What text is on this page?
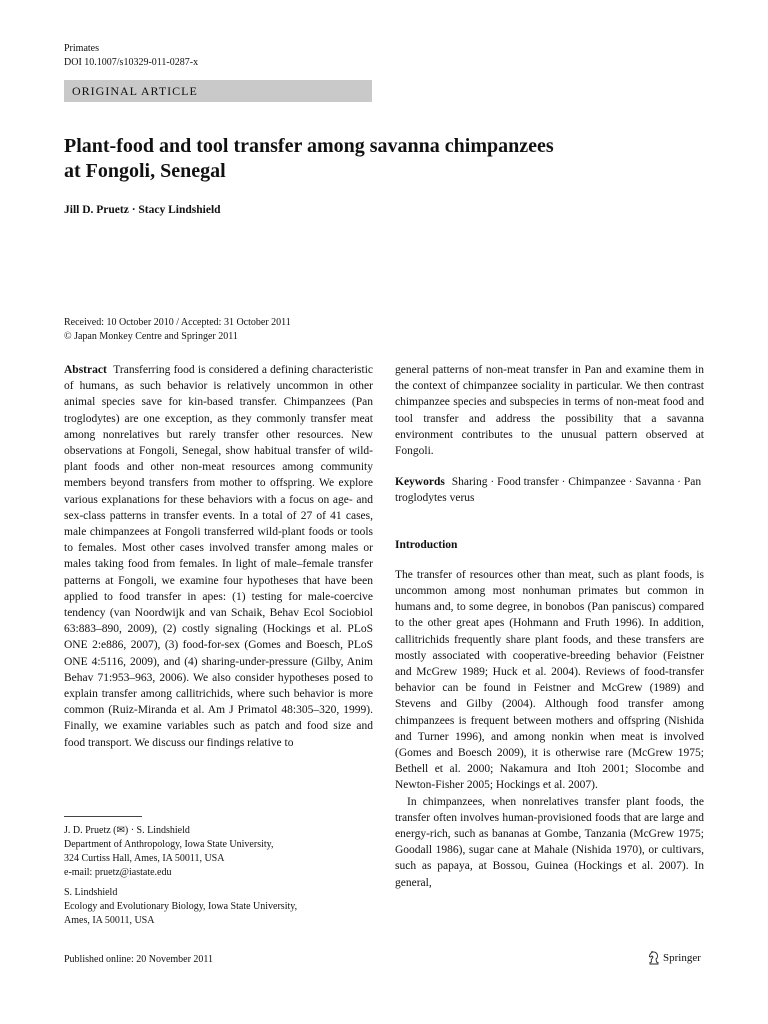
Primates
DOI 10.1007/s10329-011-0287-x
ORIGINAL ARTICLE
Plant-food and tool transfer among savanna chimpanzees
at Fongoli, Senegal
Jill D. Pruetz · Stacy Lindshield
Received: 10 October 2010 / Accepted: 31 October 2011
© Japan Monkey Centre and Springer 2011
Abstract Transferring food is considered a defining characteristic of humans, as such behavior is relatively uncommon in other animal species save for kin-based transfer. Chimpanzees (Pan troglodytes) are one exception, as they commonly transfer meat among nonrelatives but rarely transfer other resources. New observations at Fongoli, Senegal, show habitual transfer of wild-plant foods and other non-meat resources among community members beyond transfers from mother to offspring. We explore various explanations for these behaviors with a focus on age- and sex-class patterns in transfer events. In a total of 27 of 41 cases, male chimpanzees at Fongoli transferred wild-plant foods or tools to females. Most other cases involved transfer among males or males taking food from females. In light of male–female transfer patterns at Fongoli, we examine four hypotheses that have been applied to food transfer in apes: (1) testing for male-coercive tendency (van Noordwijk and van Schaik, Behav Ecol Sociobiol 63:883–890, 2009), (2) costly signaling (Hockings et al. PLoS ONE 2:e886, 2007), (3) food-for-sex (Gomes and Boesch, PLoS ONE 4:5116, 2009), and (4) sharing-under-pressure (Gilby, Anim Behav 71:953–963, 2006). We also consider hypotheses posed to explain transfer among callitrichids, where such behavior is more common (Ruiz-Miranda et al. Am J Primatol 48:305–320, 1999). Finally, we examine variables such as patch and food size and food transport. We discuss our findings relative to
general patterns of non-meat transfer in Pan and examine them in the context of chimpanzee sociality in particular. We then contrast chimpanzee species and subspecies in terms of non-meat food and tool transfer and address the possibility that a savanna environment contributes to the unusual pattern observed at Fongoli.
Keywords Sharing · Food transfer · Chimpanzee · Savanna · Pan troglodytes verus
Introduction
The transfer of resources other than meat, such as plant foods, is uncommon among most nonhuman primates but common in humans and, to some degree, in bonobos (Pan paniscus) compared to the other great apes (Hohmann and Fruth 1996). In addition, callitrichids frequently share plant foods, and these transfers are mostly associated with cooperative-breeding behavior (Feistner and McGrew 1989; Huck et al. 2004). Reviews of food-transfer behavior can be found in Feistner and McGrew (1989) and Stevens and Gilby (2004). Although food transfer among chimpanzees is frequent between mothers and offspring (Nishida and Turner 1996), and among nonkin when meat is involved (Gomes and Boesch 2009), it is otherwise rare (McGrew 1975; Bethell et al. 2000; Nakamura and Itoh 2001; Slocombe and Newton-Fisher 2005; Hockings et al. 2007).
In chimpanzees, when nonrelatives transfer plant foods, the transfer often involves human-provisioned foods that are large and energy-rich, such as bananas at Gombe, Tanzania (McGrew 1975; Goodall 1986), sugar cane at Mahale (Nishida 1970), or cultivars, such as papaya, at Bossou, Guinea (Hockings et al. 2007). In general,
J. D. Pruetz (✉) · S. Lindshield
Department of Anthropology, Iowa State University,
324 Curtiss Hall, Ames, IA 50011, USA
e-mail: pruetz@iastate.edu
S. Lindshield
Ecology and Evolutionary Biology, Iowa State University,
Ames, IA 50011, USA
Published online: 20 November 2011	Springer
